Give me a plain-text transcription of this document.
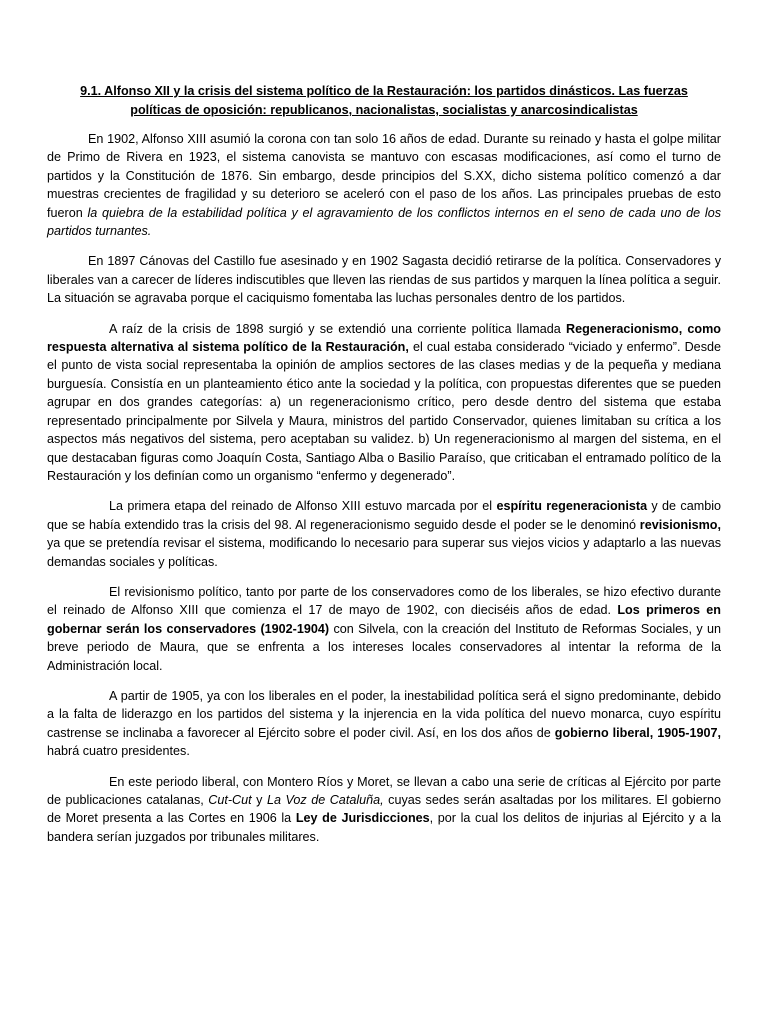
9.1. Alfonso XII y la crisis del sistema político de la Restauración: los partidos dinásticos. Las fuerzas
políticas de oposición: republicanos, nacionalistas, socialistas y anarcosindicalistas

En 1902, Alfonso XIII asumió la corona con tan solo 16 años de edad. Durante su reinado y hasta el golpe militar de Primo de Rivera en 1923, el sistema canovista se mantuvo con escasas modificaciones, así como el turno de partidos y la Constitución de 1876. Sin embargo, desde principios del S.XX, dicho sistema político comenzó a dar muestras crecientes de fragilidad y su deterioro se aceleró con el paso de los años. Las principales pruebas de esto fueron la quiebra de la estabilidad política y el agravamiento de los conflictos internos en el seno de cada uno de los partidos turnantes.

En 1897 Cánovas del Castillo fue asesinado y en 1902 Sagasta decidió retirarse de la política. Conservadores y liberales van a carecer de líderes indiscutibles que lleven las riendas de sus partidos y marquen la línea política a seguir. La situación se agravaba porque el caciquismo fomentaba las luchas personales dentro de los partidos.

A raíz de la crisis de 1898 surgió y se extendió una corriente política llamada Regeneracionismo, como respuesta alternativa al sistema político de la Restauración, el cual estaba considerado “viciado y enfermo”. Desde el punto de vista social representaba la opinión de amplios sectores de las clases medias y de la pequeña y mediana burguesía. Consistía en un planteamiento ético ante la sociedad y la política, con propuestas diferentes que se pueden agrupar en dos grandes categorías: a) un regeneracionismo crítico, pero desde dentro del sistema que estaba representado principalmente por Silvela y Maura, ministros del partido Conservador, quienes limitaban su crítica a los aspectos más negativos del sistema, pero aceptaban su validez. b) Un regeneracionismo al margen del sistema, en el que destacaban figuras como Joaquín Costa, Santiago Alba o Basilio Paraíso, que criticaban el entramado político de la Restauración y los definían como un organismo “enfermo y degenerado”.

La primera etapa del reinado de Alfonso XIII estuvo marcada por el espíritu regeneracionista y de cambio que se había extendido tras la crisis del 98. Al regeneracionismo seguido desde el poder se le denominó revisionismo, ya que se pretendía revisar el sistema, modificando lo necesario para superar sus viejos vicios y adaptarlo a las nuevas demandas sociales y políticas.

El revisionismo político, tanto por parte de los conservadores como de los liberales, se hizo efectivo durante el reinado de Alfonso XIII que comienza el 17 de mayo de 1902, con dieciséis años de edad. Los primeros en gobernar serán los conservadores (1902-1904) con Silvela, con la creación del Instituto de Reformas Sociales, y un breve periodo de Maura, que se enfrenta a los intereses locales conservadores al intentar la reforma de la Administración local.

A partir de 1905, ya con los liberales en el poder, la inestabilidad política será el signo predominante, debido a la falta de liderazgo en los partidos del sistema y la injerencia en la vida política del nuevo monarca, cuyo espíritu castrense se inclinaba a favorecer al Ejército sobre el poder civil. Así, en los dos años de gobierno liberal, 1905-1907, habrá cuatro presidentes.

En este periodo liberal, con Montero Ríos y Moret, se llevan a cabo una serie de críticas al Ejército por parte de publicaciones catalanas, Cut-Cut y La Voz de Cataluña, cuyas sedes serán asaltadas por los militares. El gobierno de Moret presenta a las Cortes en 1906 la Ley de Jurisdicciones, por la cual los delitos de injurias al Ejército y a la bandera serían juzgados por tribunales militares.
